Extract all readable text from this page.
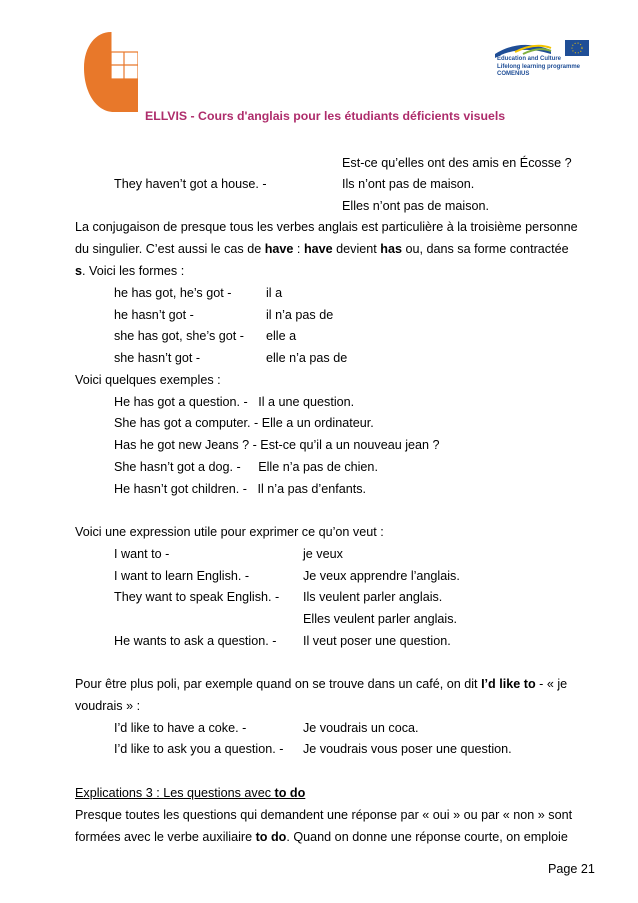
Education and Culture
Lifelong learning programme
COMENIUS
ELLVIS - Cours d'anglais pour les étudiants déficients visuels
Est-ce qu’elles ont des amis en Écosse ?
They haven’t got a house. -	Ils n’ont pas de maison.
Elles n’ont pas de maison.
La conjugaison de presque tous les verbes anglais est particulière à la troisième personne
du singulier. C’est aussi le cas de have : have devient has ou, dans sa forme contractée
s. Voici les formes :
he has got, he’s got -	il a
he hasn’t got -	il n’a pas de
she has got, she’s got - elle a
she hasn’t got -	elle n’a pas de
Voici quelques exemples :
He has got a question. -   Il a une question.
She has got a computer. - Elle a un ordinateur.
Has he got new Jeans ? - Est-ce qu’il a un nouveau jean ?
She hasn’t got a dog. -     Elle n’a pas de chien.
He hasn’t got children. -   Il n’a pas d’enfants.
Voici une expression utile pour exprimer ce qu’on veut :
I want to -	je veux
I want to learn English. -	Je veux apprendre l’anglais.
They want to speak English. - Ils veulent parler anglais.
Elles veulent parler anglais.
He wants to ask a question. - Il veut poser une question.
Pour être plus poli, par exemple quand on se trouve dans un café, on dit I’d like to - « je
voudrais » :
I’d like to have a coke. -	Je voudrais un coca.
I’d like to ask you a question. - Je voudrais vous poser une question.
Explications 3 : Les questions avec to do
Presque toutes les questions qui demandent une réponse par « oui » ou par « non » sont
formées avec le verbe auxiliaire to do. Quand on donne une réponse courte, on emploie
Page 21
